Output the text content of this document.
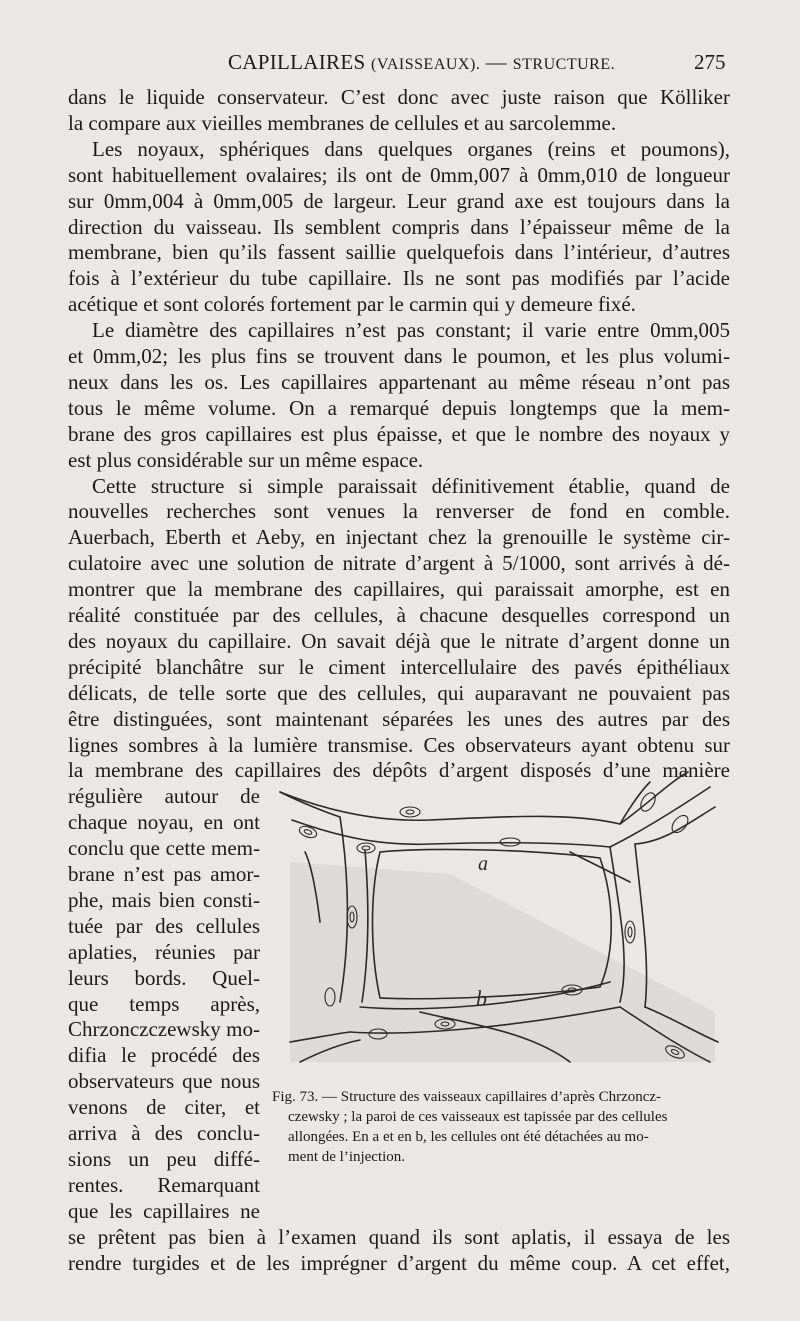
CAPILLAIRES (VAISSEAUX). — STRUCTURE.	275
dans le liquide conservateur. C’est donc avec juste raison que Kölliker
la compare aux vieilles membranes de cellules et au sarcolemme.
Les noyaux, sphériques dans quelques organes (reins et poumons),
sont habituellement ovalaires; ils ont de 0mm,007 à 0mm,010 de longueur
sur 0mm,004 à 0mm,005 de largeur. Leur grand axe est toujours dans la
direction du vaisseau. Ils semblent compris dans l’épaisseur même de la
membrane, bien qu’ils fassent saillie quelquefois dans l’intérieur, d’autres
fois à l’extérieur du tube capillaire. Ils ne sont pas modifiés par l’acide
acétique et sont colorés fortement par le carmin qui y demeure fixé.
Le diamètre des capillaires n’est pas constant; il varie entre 0mm,005
et 0mm,02; les plus fins se trouvent dans le poumon, et les plus volumi-
neux dans les os. Les capillaires appartenant au même réseau n’ont pas
tous le même volume. On a remarqué depuis longtemps que la mem-
brane des gros capillaires est plus épaisse, et que le nombre des noyaux y
est plus considérable sur un même espace.
Cette structure si simple paraissait définitivement établie, quand de
nouvelles recherches sont venues la renverser de fond en comble.
Auerbach, Eberth et Aeby, en injectant chez la grenouille le système cir-
culatoire avec une solution de nitrate d’argent à 5/1000, sont arrivés à dé-
montrer que la membrane des capillaires, qui paraissait amorphe, est en
réalité constituée par des cellules, à chacune desquelles correspond un
des noyaux du capillaire. On savait déjà que le nitrate d’argent donne un
précipité blanchâtre sur le ciment intercellulaire des pavés épithéliaux
délicats, de telle sorte que des cellules, qui auparavant ne pouvaient pas
être distinguées, sont maintenant séparées les unes des autres par des
lignes sombres à la lumière transmise. Ces observateurs ayant obtenu sur
la membrane des capillaires des dépôts d’argent disposés d’une manière
régulière autour de
chaque noyau, en ont
conclu que cette mem-
brane n’est pas amor-
phe, mais bien consti-
tuée par des cellules
aplaties, réunies par
leurs bords. Quel-
que temps après,
Chrzonczczewsky mo-
difia le procédé des
observateurs que nous
venons de citer, et
arriva à des conclu-
sions un peu diffé-
rentes. Remarquant
que les capillaires ne
se prêtent pas bien à l’examen quand ils sont aplatis, il essaya de les
rendre turgides et de les imprégner d’argent du même coup. A cet effet,
a
b
Fig. 73. — Structure des vaisseaux capillaires d’après Chrzoncz-
czewsky ; la paroi de ces vaisseaux est tapissée par des cellules
allongées. En a et en b, les cellules ont été détachées au mo-
ment de l’injection.
